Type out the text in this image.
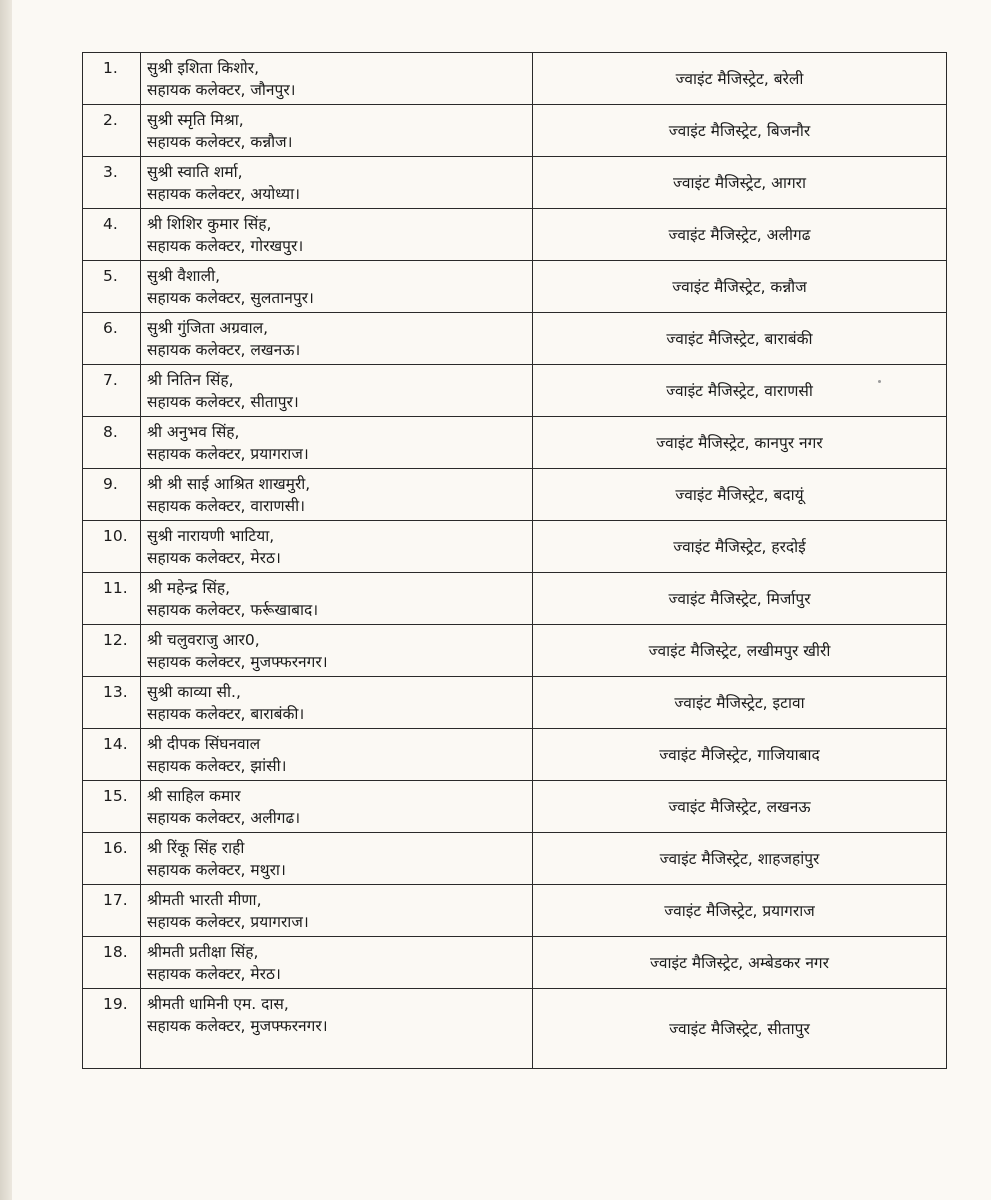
1.	सुश्री इशिता किशोर,
सहायक कलेक्टर, जौनपुर।	ज्वाइंट मैजिस्ट्रेट, बरेली
2.	सुश्री स्मृति मिश्रा,
सहायक कलेक्टर, कन्नौज।	ज्वाइंट मैजिस्ट्रेट, बिजनौर
3.	सुश्री स्वाति शर्मा,
सहायक कलेक्टर, अयोध्या।	ज्वाइंट मैजिस्ट्रेट, आगरा
4.	श्री शिशिर कुमार सिंह,
सहायक कलेक्टर, गोरखपुर।	ज्वाइंट मैजिस्ट्रेट, अलीगढ
5.	सुश्री वैशाली,
सहायक कलेक्टर, सुलतानपुर।	ज्वाइंट मैजिस्ट्रेट, कन्नौज
6.	सुश्री गुंजिता अग्रवाल,
सहायक कलेक्टर, लखनऊ।	ज्वाइंट मैजिस्ट्रेट, बाराबंकी
7.	श्री नितिन सिंह,
सहायक कलेक्टर, सीतापुर।	ज्वाइंट मैजिस्ट्रेट, वाराणसी
8.	श्री अनुभव सिंह,
सहायक कलेक्टर, प्रयागराज।	ज्वाइंट मैजिस्ट्रेट, कानपुर नगर
9.	श्री श्री साई आश्रित शाखमुरी,
सहायक कलेक्टर, वाराणसी।	ज्वाइंट मैजिस्ट्रेट, बदायूं
10.	सुश्री नारायणी भाटिया,
सहायक कलेक्टर, मेरठ।	ज्वाइंट मैजिस्ट्रेट, हरदोई
11.	श्री महेन्द्र सिंह,
सहायक कलेक्टर, फर्रूखाबाद।	ज्वाइंट मैजिस्ट्रेट, मिर्जापुर
12.	श्री चलुवराजु आर0,
सहायक कलेक्टर, मुजफ्फरनगर।	ज्वाइंट मैजिस्ट्रेट, लखीमपुर खीरी
13.	सुश्री काव्या सी.,
सहायक कलेक्टर, बाराबंकी।	ज्वाइंट मैजिस्ट्रेट, इटावा
14.	श्री दीपक सिंघनवाल
सहायक कलेक्टर, झांसी।	ज्वाइंट मैजिस्ट्रेट, गाजियाबाद
15.	श्री साहिल कमार
सहायक कलेक्टर, अलीगढ।	ज्वाइंट मैजिस्ट्रेट, लखनऊ
16.	श्री रिंकू सिंह राही
सहायक कलेक्टर, मथुरा।	ज्वाइंट मैजिस्ट्रेट, शाहजहांपुर
17.	श्रीमती भारती मीणा,
सहायक कलेक्टर, प्रयागराज।	ज्वाइंट मैजिस्ट्रेट, प्रयागराज
18.	श्रीमती प्रतीक्षा सिंह,
सहायक कलेक्टर, मेरठ।	ज्वाइंट मैजिस्ट्रेट, अम्बेडकर नगर
19.	श्रीमती धामिनी एम. दास,
सहायक कलेक्टर, मुजफ्फरनगर।	ज्वाइंट मैजिस्ट्रेट, सीतापुर
